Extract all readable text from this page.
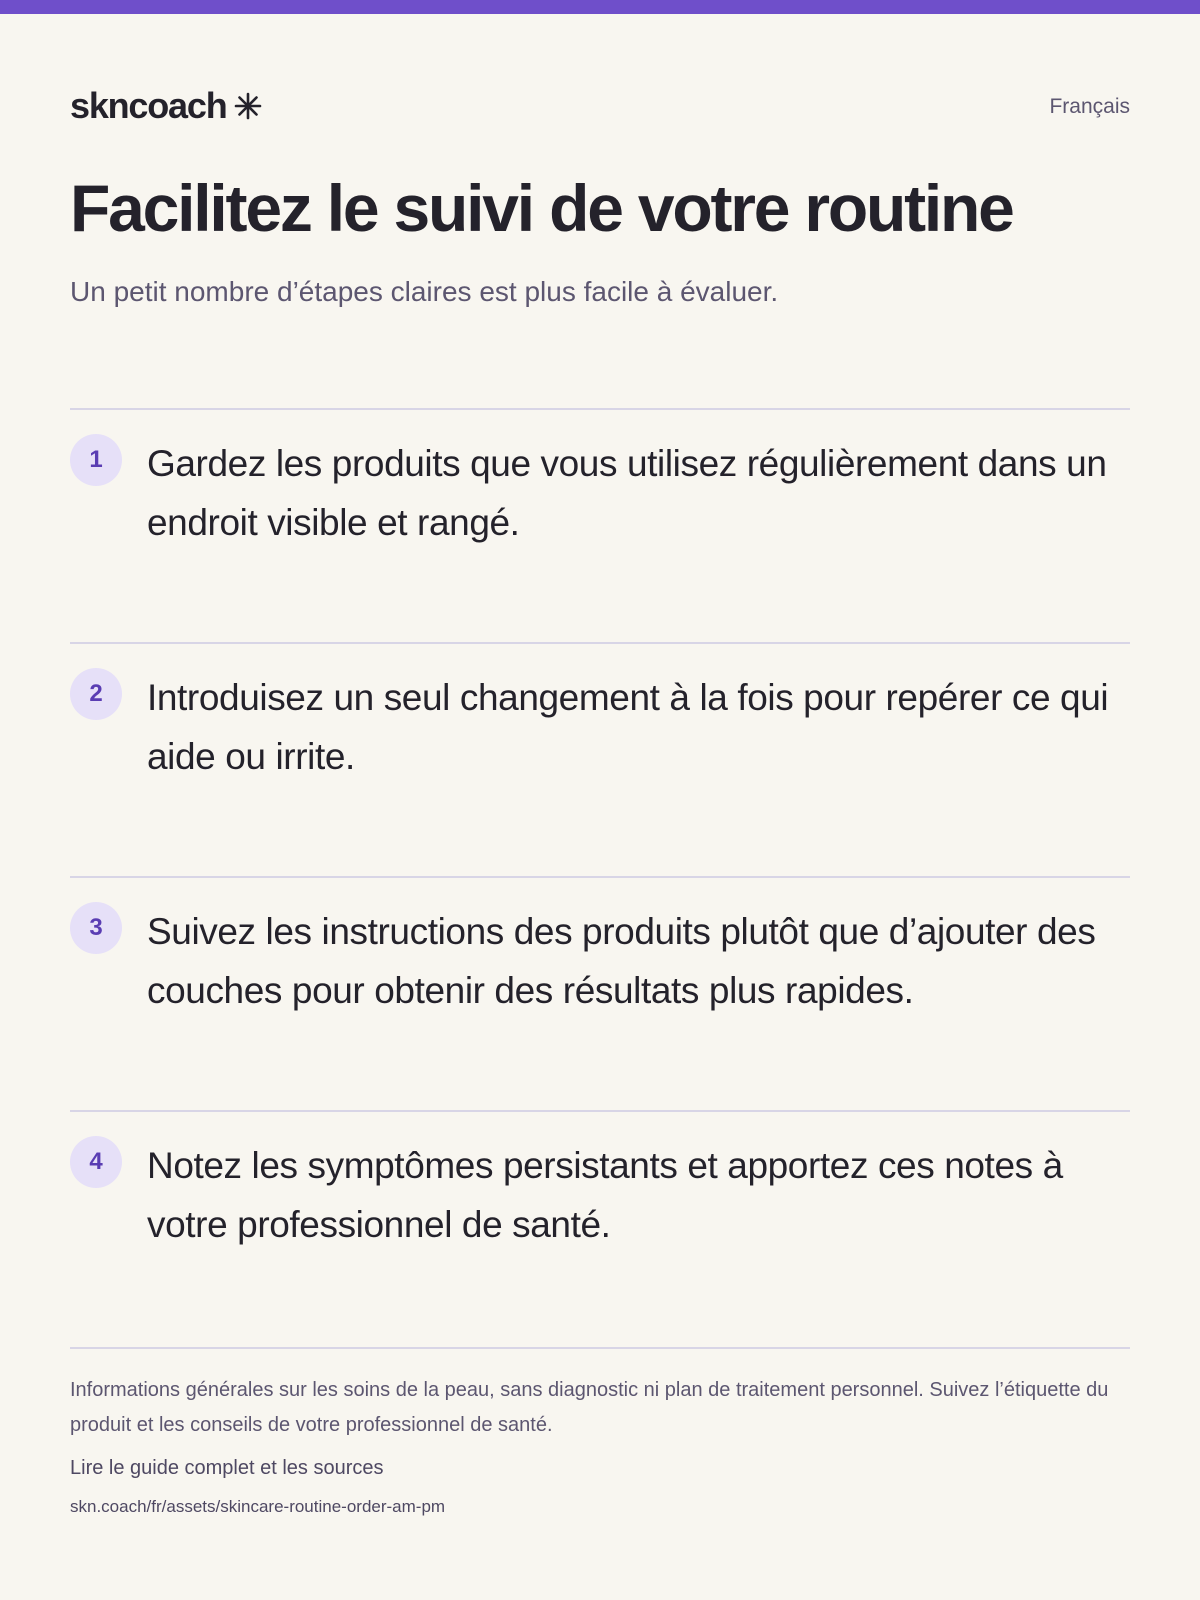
skncoach	Français
Facilitez le suivi de votre routine

Un petit nombre d’étapes claires est plus facile à évaluer.

1	Gardez les produits que vous utilisez régulièrement dans un endroit visible et rangé.

2	Introduisez un seul changement à la fois pour repérer ce qui aide ou irrite.

3	Suivez les instructions des produits plutôt que d’ajouter des couches pour obtenir des résultats plus rapides.

4	Notez les symptômes persistants et apportez ces notes à votre professionnel de santé.

Informations générales sur les soins de la peau, sans diagnostic ni plan de traitement personnel. Suivez l’étiquette du produit et les conseils de votre professionnel de santé.

Lire le guide complet et les sources

skn.coach/fr/assets/skincare-routine-order-am-pm
